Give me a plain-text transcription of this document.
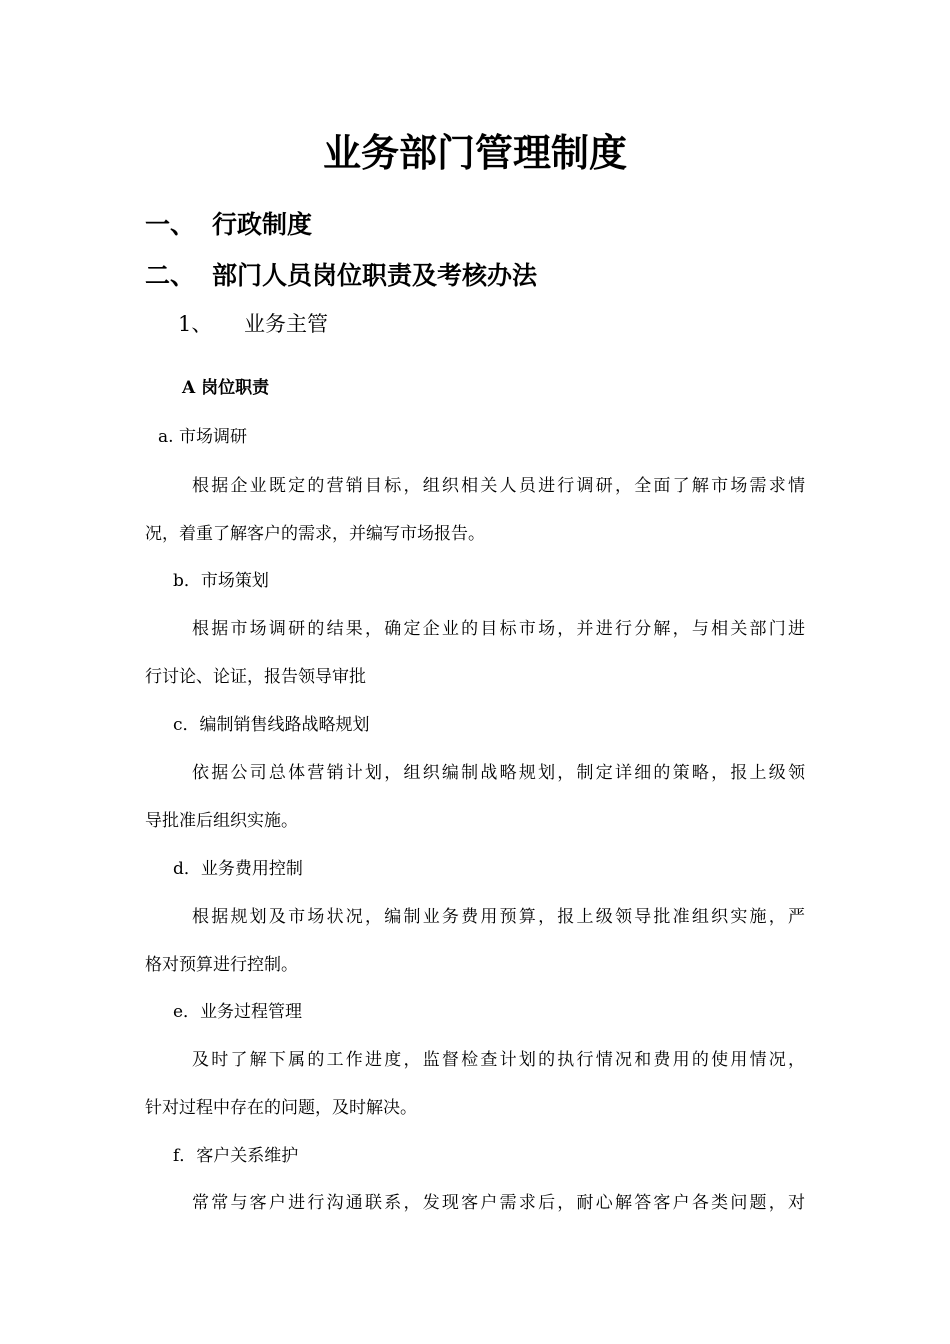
业务部门管理制度
一、 行政制度
二、 部门人员岗位职责及考核办法
1、 业务主管
A 岗位职责
a. 市场调研
根据企业既定的营销目标，组织相关人员进行调研，全面了解市场需求情
况，着重了解客户的需求，并编写市场报告。
b．市场策划
根据市场调研的结果，确定企业的目标市场，并进行分解，与相关部门进
行讨论、论证，报告领导审批
c．编制销售线路战略规划
依据公司总体营销计划，组织编制战略规划，制定详细的策略，报上级领
导批准后组织实施。
d．业务费用控制
根据规划及市场状况，编制业务费用预算，报上级领导批准组织实施，严
格对预算进行控制。
e．业务过程管理
及时了解下属的工作进度，监督检查计划的执行情况和费用的使用情况，
针对过程中存在的问题，及时解决。
f．客户关系维护
常常与客户进行沟通联系，发现客户需求后，耐心解答客户各类问题，对
